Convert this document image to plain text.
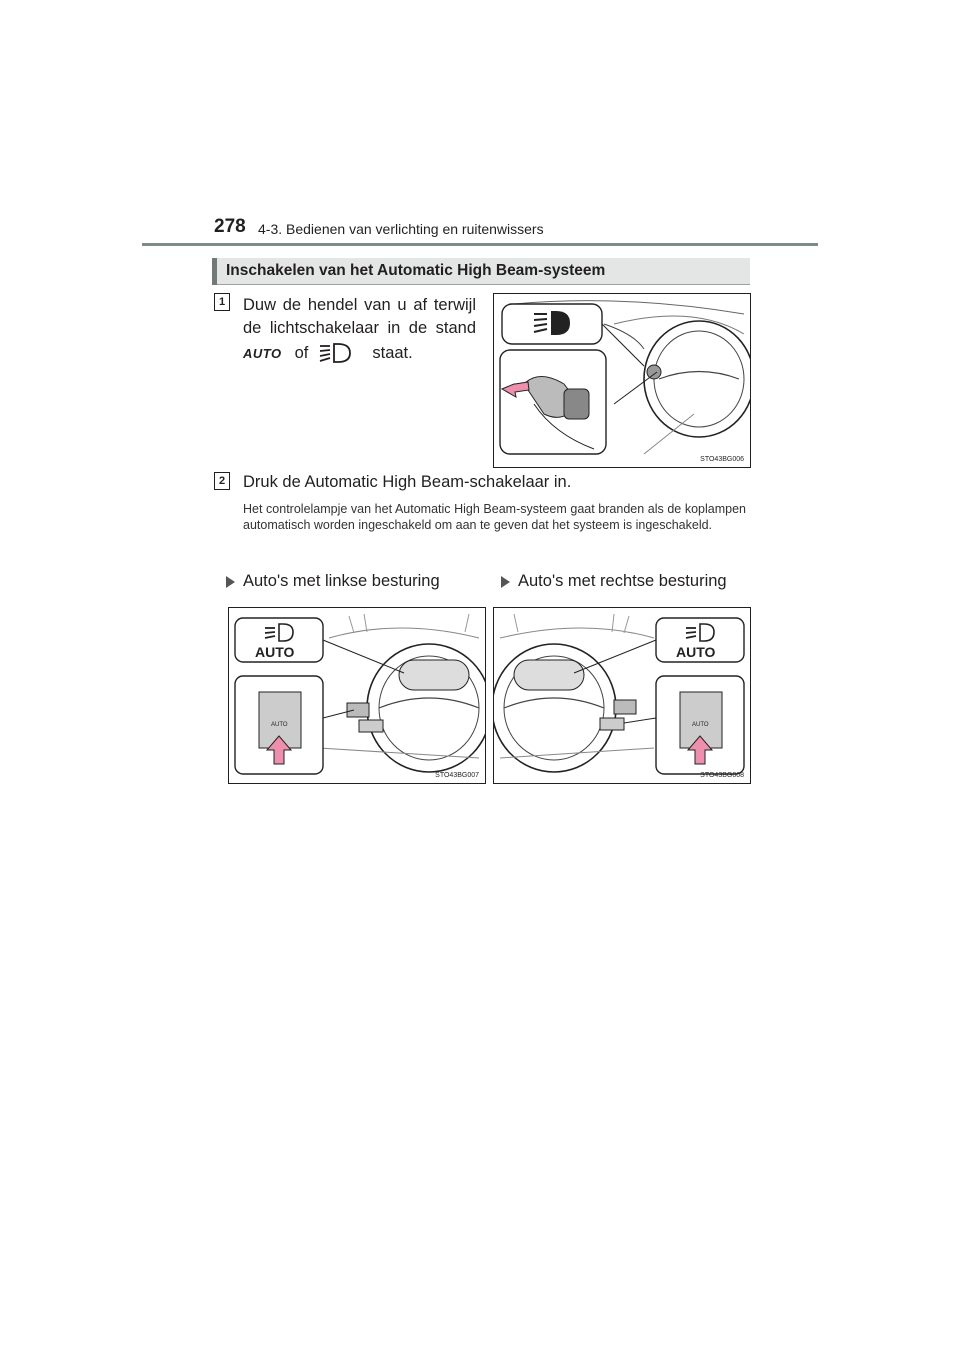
278 4-3. Bedienen van verlichting en ruitenwissers
Inschakelen van het Automatic High Beam-systeem
1 Duw de hendel van u af terwijl de lichtschakelaar in de stand
AUTO of	staat.
STO43BG006
2 Druk de Automatic High Beam-schakelaar in.
Het controlelampje van het Automatic High Beam-systeem gaat branden als de koplampen automatisch worden ingeschakeld om aan te geven dat het systeem is ingeschakeld.
Auto's met linkse besturing	Auto's met rechtse besturing
AUTO
AUTO
STO43BG007
AUTO
AUTO
STO43BG008
